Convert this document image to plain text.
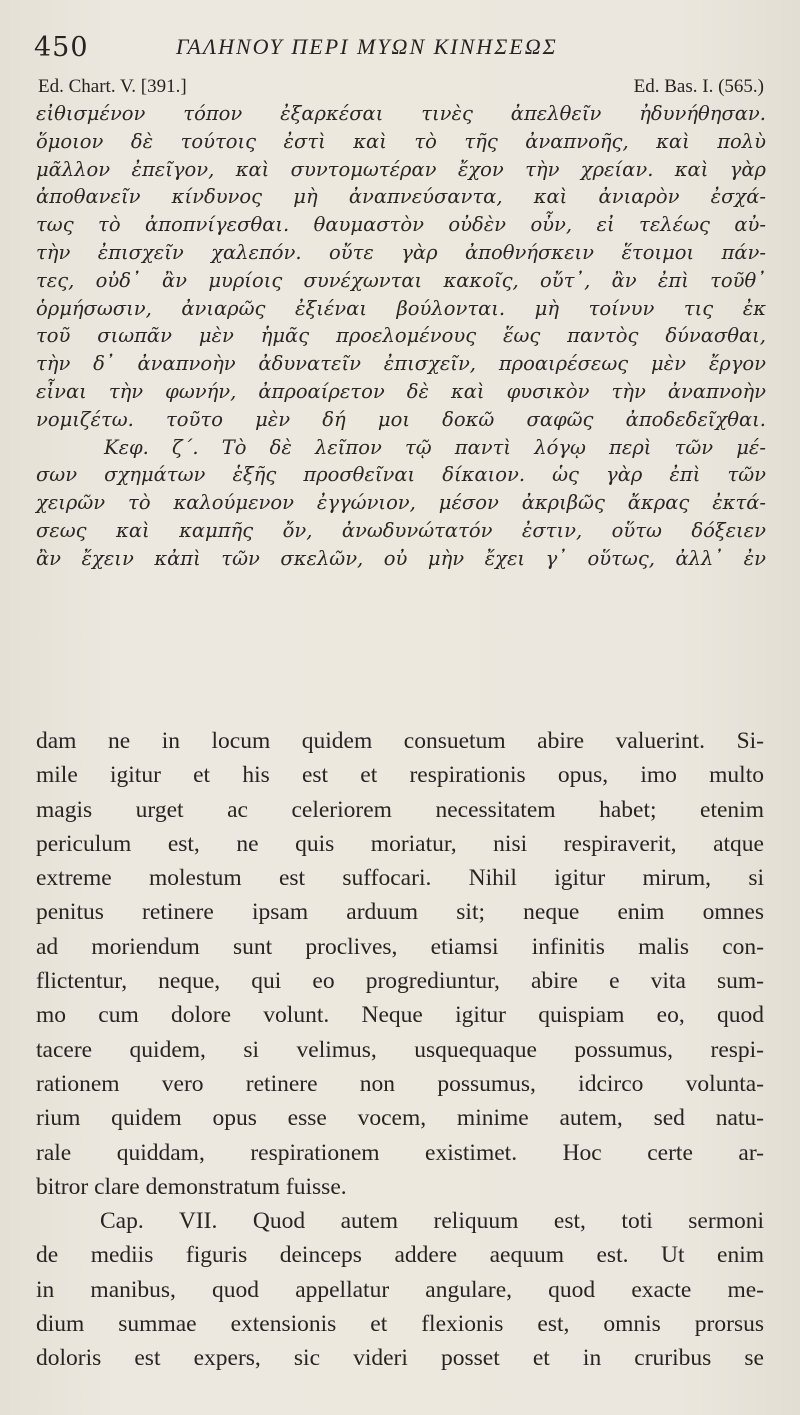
450	ΓΑΛΗΝΟΥ ΠΕΡΙ ΜΥΩΝ ΚΙΝΗΣΕΩΣ
Ed. Chart. V. [391.]	Ed. Bas. I. (565.)
εἰθισμένον τόπον ἐξαρκέσαι τινὲς ἀπελθεῖν ἠδυνήθησαν.
ὅμοιον δὲ τούτοις ἐστὶ καὶ τὸ τῆς ἀναπνοῆς, καὶ πολὺ
μᾶλλον ἐπεῖγον, καὶ συντομωτέραν ἔχον τὴν χρείαν. καὶ γὰρ
ἀποθανεῖν κίνδυνος μὴ ἀναπνεύσαντα, καὶ ἀνιαρὸν ἐσχά-
τως τὸ ἀποπνίγεσθαι. θαυμαστὸν οὐδὲν οὖν, εἰ τελέως αὐ-
τὴν ἐπισχεῖν χαλεπόν. οὔτε γὰρ ἀποθνήσκειν ἕτοιμοι πάν-
τες, οὐδ᾽ ἂν μυρίοις συνέχωνται κακοῖς, οὔτ᾽, ἂν ἐπὶ τοῦθ᾽
ὁρμήσωσιν, ἀνιαρῶς ἐξιέναι βούλονται. μὴ τοίνυν τις ἐκ
τοῦ σιωπᾶν μὲν ἡμᾶς προελομένους ἕως παντὸς δύνασθαι,
τὴν δ᾽ ἀναπνοὴν ἀδυνατεῖν ἐπισχεῖν, προαιρέσεως μὲν ἔργον
εἶναι τὴν φωνήν, ἀπροαίρετον δὲ καὶ φυσικὸν τὴν ἀναπνοὴν
νομιζέτω. τοῦτο μὲν δή μοι δοκῶ σαφῶς ἀποδεδεῖχθαι.
Κεφ. ζ΄. Τὸ δὲ λεῖπον τῷ παντὶ λόγῳ περὶ τῶν μέ-
σων σχημάτων ἑξῆς προσθεῖναι δίκαιον. ὡς γὰρ ἐπὶ τῶν
χειρῶν τὸ καλούμενον ἐγγώνιον, μέσον ἀκριβῶς ἄκρας ἐκτά-
σεως καὶ καμπῆς ὄν, ἀνωδυνώτατόν ἐστιν, οὕτω δόξειεν
ἂν ἔχειν κἀπὶ τῶν σκελῶν, οὐ μὴν ἔχει γ᾽ οὕτως, ἀλλ᾽ ἐν
dam ne in locum quidem consuetum abire valuerint. Si-
mile igitur et his est et respirationis opus, imo multo
magis urget ac celeriorem necessitatem habet; etenim
periculum est, ne quis moriatur, nisi respiraverit, atque
extreme molestum est suffocari. Nihil igitur mirum, si
penitus retinere ipsam arduum sit; neque enim omnes
ad moriendum sunt proclives, etiamsi infinitis malis con-
flictentur, neque, qui eo progrediuntur, abire e vita sum-
mo cum dolore volunt. Neque igitur quispiam eo, quod
tacere quidem, si velimus, usquequaque possumus, respi-
rationem vero retinere non possumus, idcirco volunta-
rium quidem opus esse vocem, minime autem, sed natu-
rale quiddam, respirationem existimet. Hoc certe ar-
bitror clare demonstratum fuisse.
Cap. VII. Quod autem reliquum est, toti sermoni
de mediis figuris deinceps addere aequum est. Ut enim
in manibus, quod appellatur angulare, quod exacte me-
dium summae extensionis et flexionis est, omnis prorsus
doloris est expers, sic videri posset et in cruribus se
